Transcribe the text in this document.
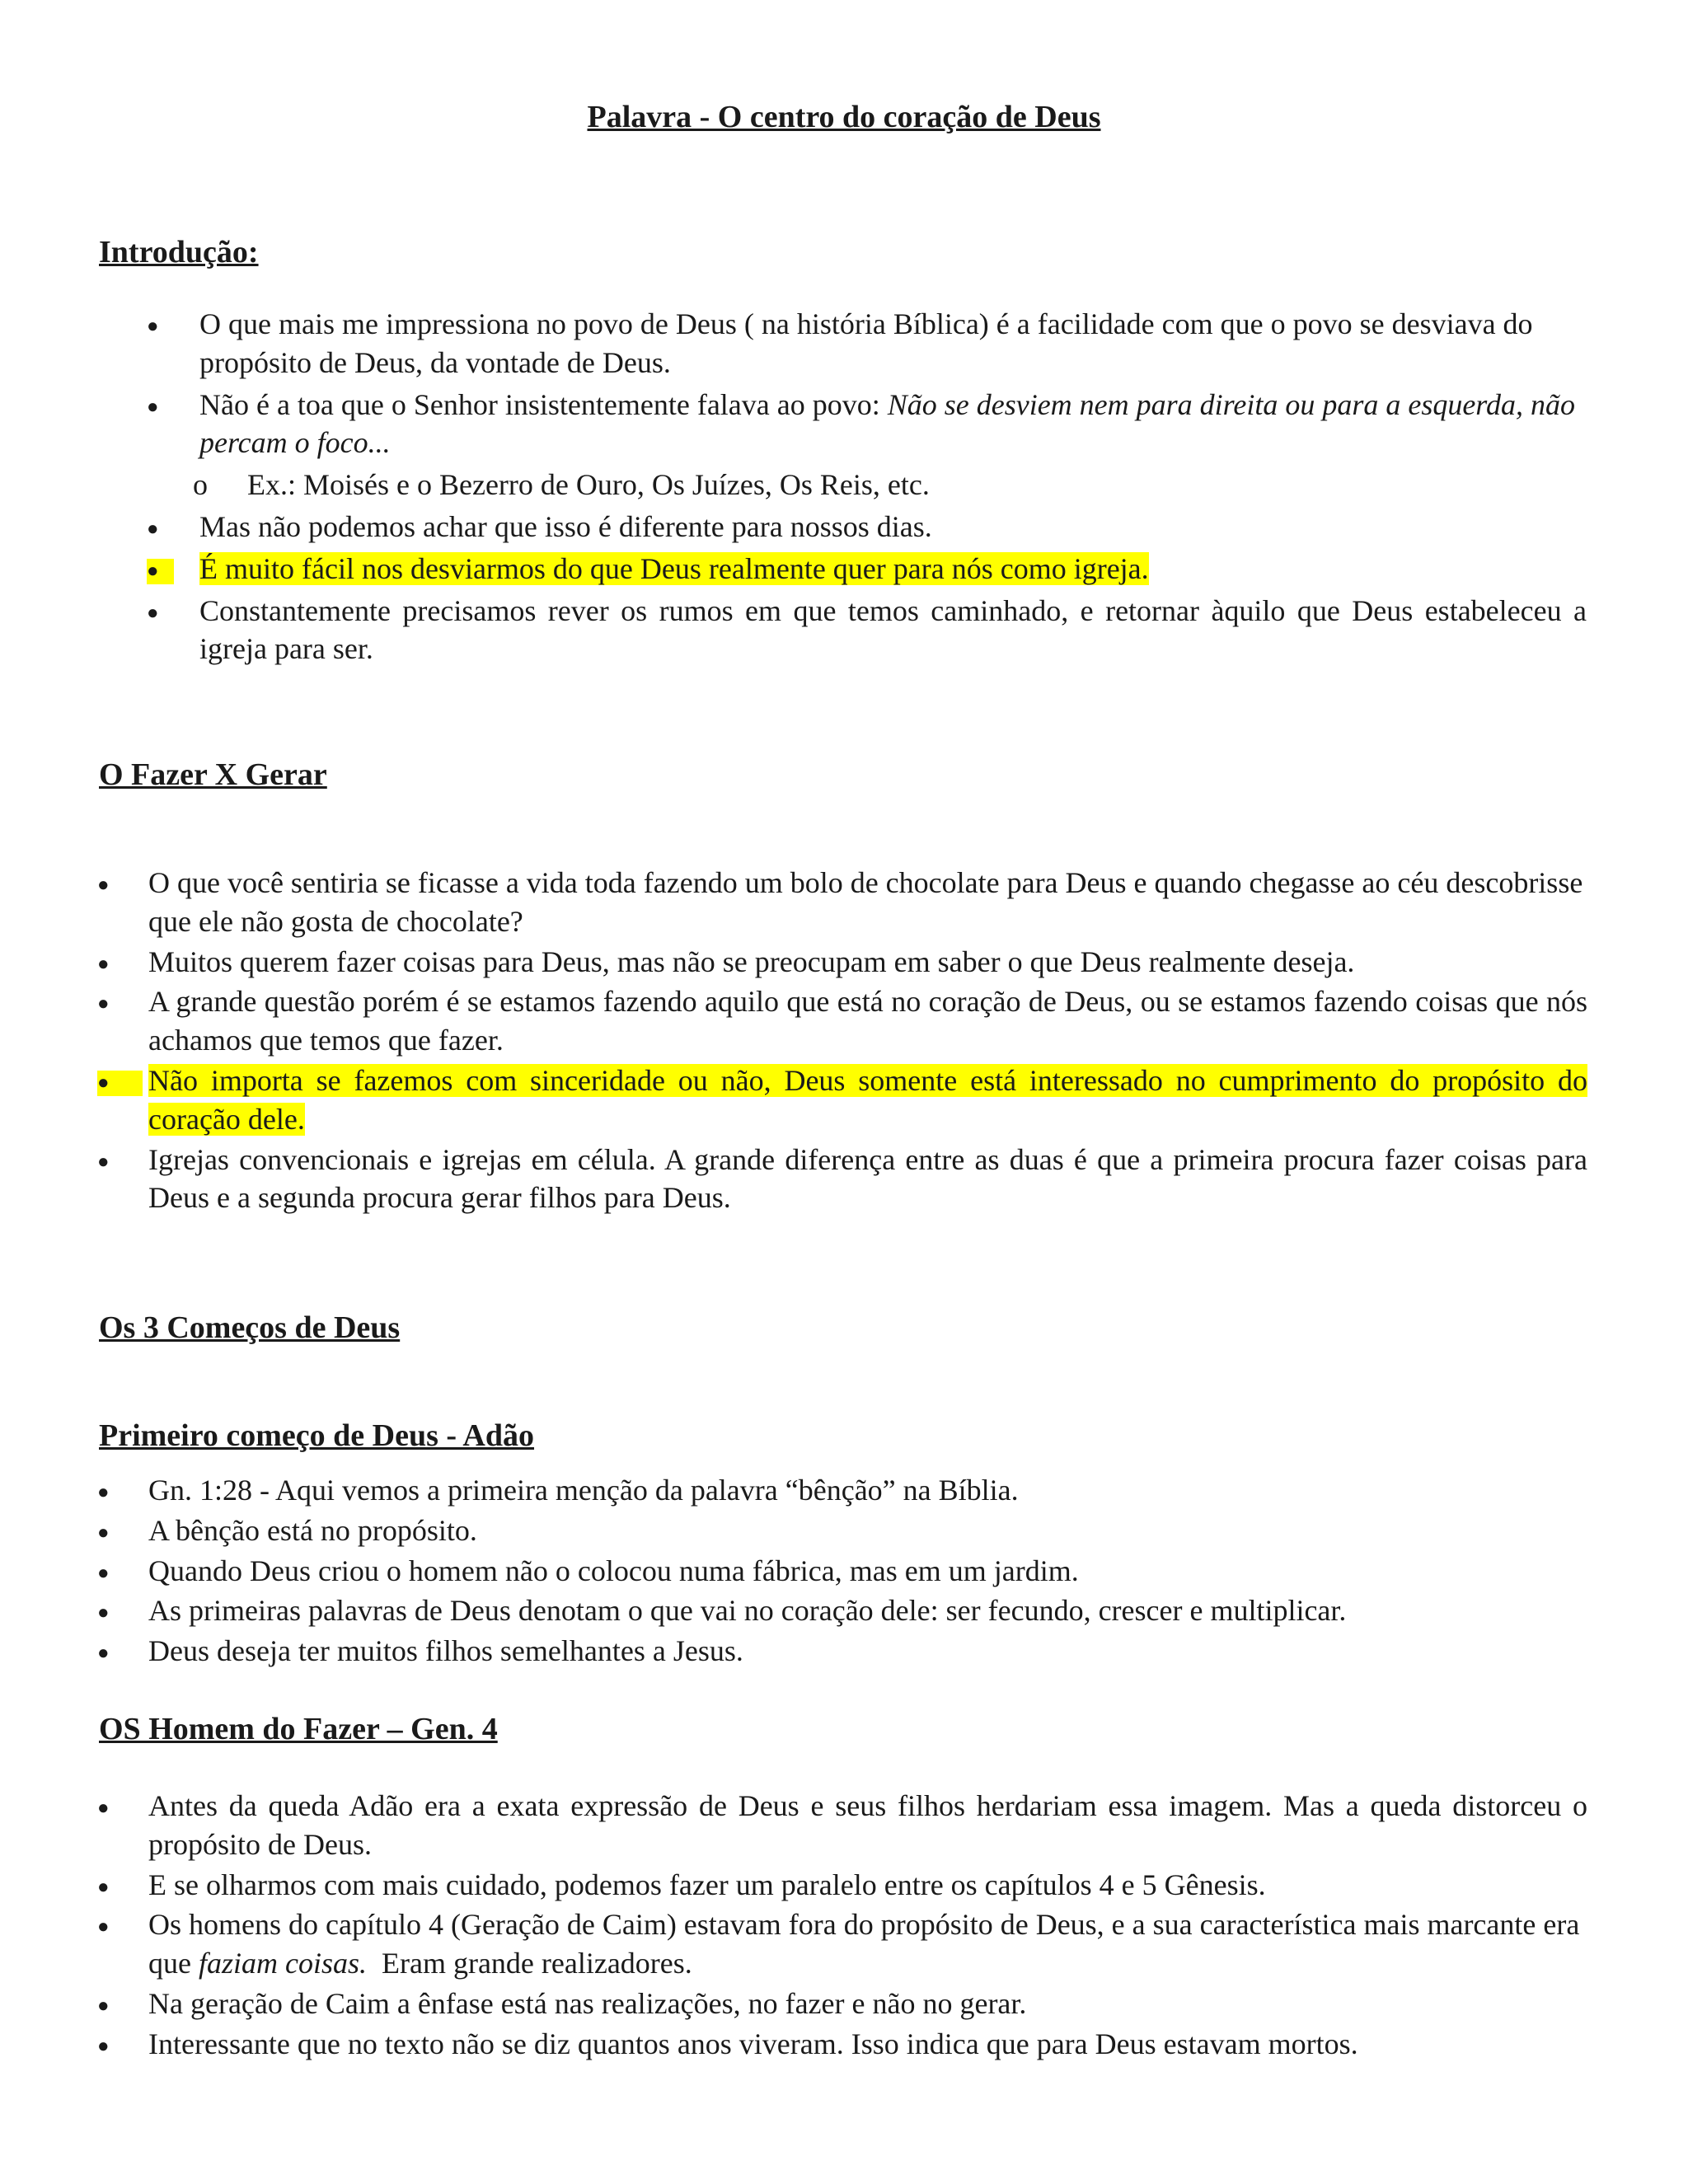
Palavra - O centro do coração de Deus
Introdução:
●	O que mais me impressiona no povo de Deus ( na história Bíblica) é a facilidade com que o povo se desviava do propósito de Deus, da vontade de Deus.
●	Não é a toa que o Senhor insistentemente falava ao povo: Não se desviem nem para direita ou para a esquerda, não percam o foco...
o Ex.: Moisés e o Bezerro de Ouro, Os Juízes, Os Reis, etc.
●	Mas não podemos achar que isso é diferente para nossos dias.
●	É muito fácil nos desviarmos do que Deus realmente quer para nós como igreja.
●	Constantemente precisamos rever os rumos em que temos caminhado, e retornar àquilo que Deus estabeleceu a igreja para ser.
O Fazer X Gerar
●	O que você sentiria se ficasse a vida toda fazendo um bolo de chocolate para Deus e quando chegasse ao céu descobrisse que ele não gosta de chocolate?
●	Muitos querem fazer coisas para Deus, mas não se preocupam em saber o que Deus realmente deseja.
●	A grande questão porém é se estamos fazendo aquilo que está no coração de Deus, ou se estamos fazendo coisas que nós achamos que temos que fazer.
●	Não importa se fazemos com sinceridade ou não, Deus somente está interessado no cumprimento do propósito do coração dele.
●	Igrejas convencionais e igrejas em célula. A grande diferença entre as duas é que a primeira procura fazer coisas para Deus e a segunda procura gerar filhos para Deus.
Os 3 Começos de Deus
Primeiro começo de Deus - Adão
●	Gn. 1:28 - Aqui vemos a primeira menção da palavra “bênção” na Bíblia.
●	A bênção está no propósito.
●	Quando Deus criou o homem não o colocou numa fábrica, mas em um jardim.
●	As primeiras palavras de Deus denotam o que vai no coração dele: ser fecundo, crescer e multiplicar.
●	Deus deseja ter muitos filhos semelhantes a Jesus.
OS Homem do Fazer – Gen. 4
●	Antes da queda Adão era a exata expressão de Deus e seus filhos herdariam essa imagem. Mas a queda distorceu o propósito de Deus.
●	E se olharmos com mais cuidado, podemos fazer um paralelo entre os capítulos 4 e 5 Gênesis.
●	Os homens do capítulo 4 (Geração de Caim) estavam fora do propósito de Deus, e a sua característica mais marcante era que faziam coisas.  Eram grande realizadores.
●	Na geração de Caim a ênfase está nas realizações, no fazer e não no gerar.
●	Interessante que no texto não se diz quantos anos viveram. Isso indica que para Deus estavam mortos.
